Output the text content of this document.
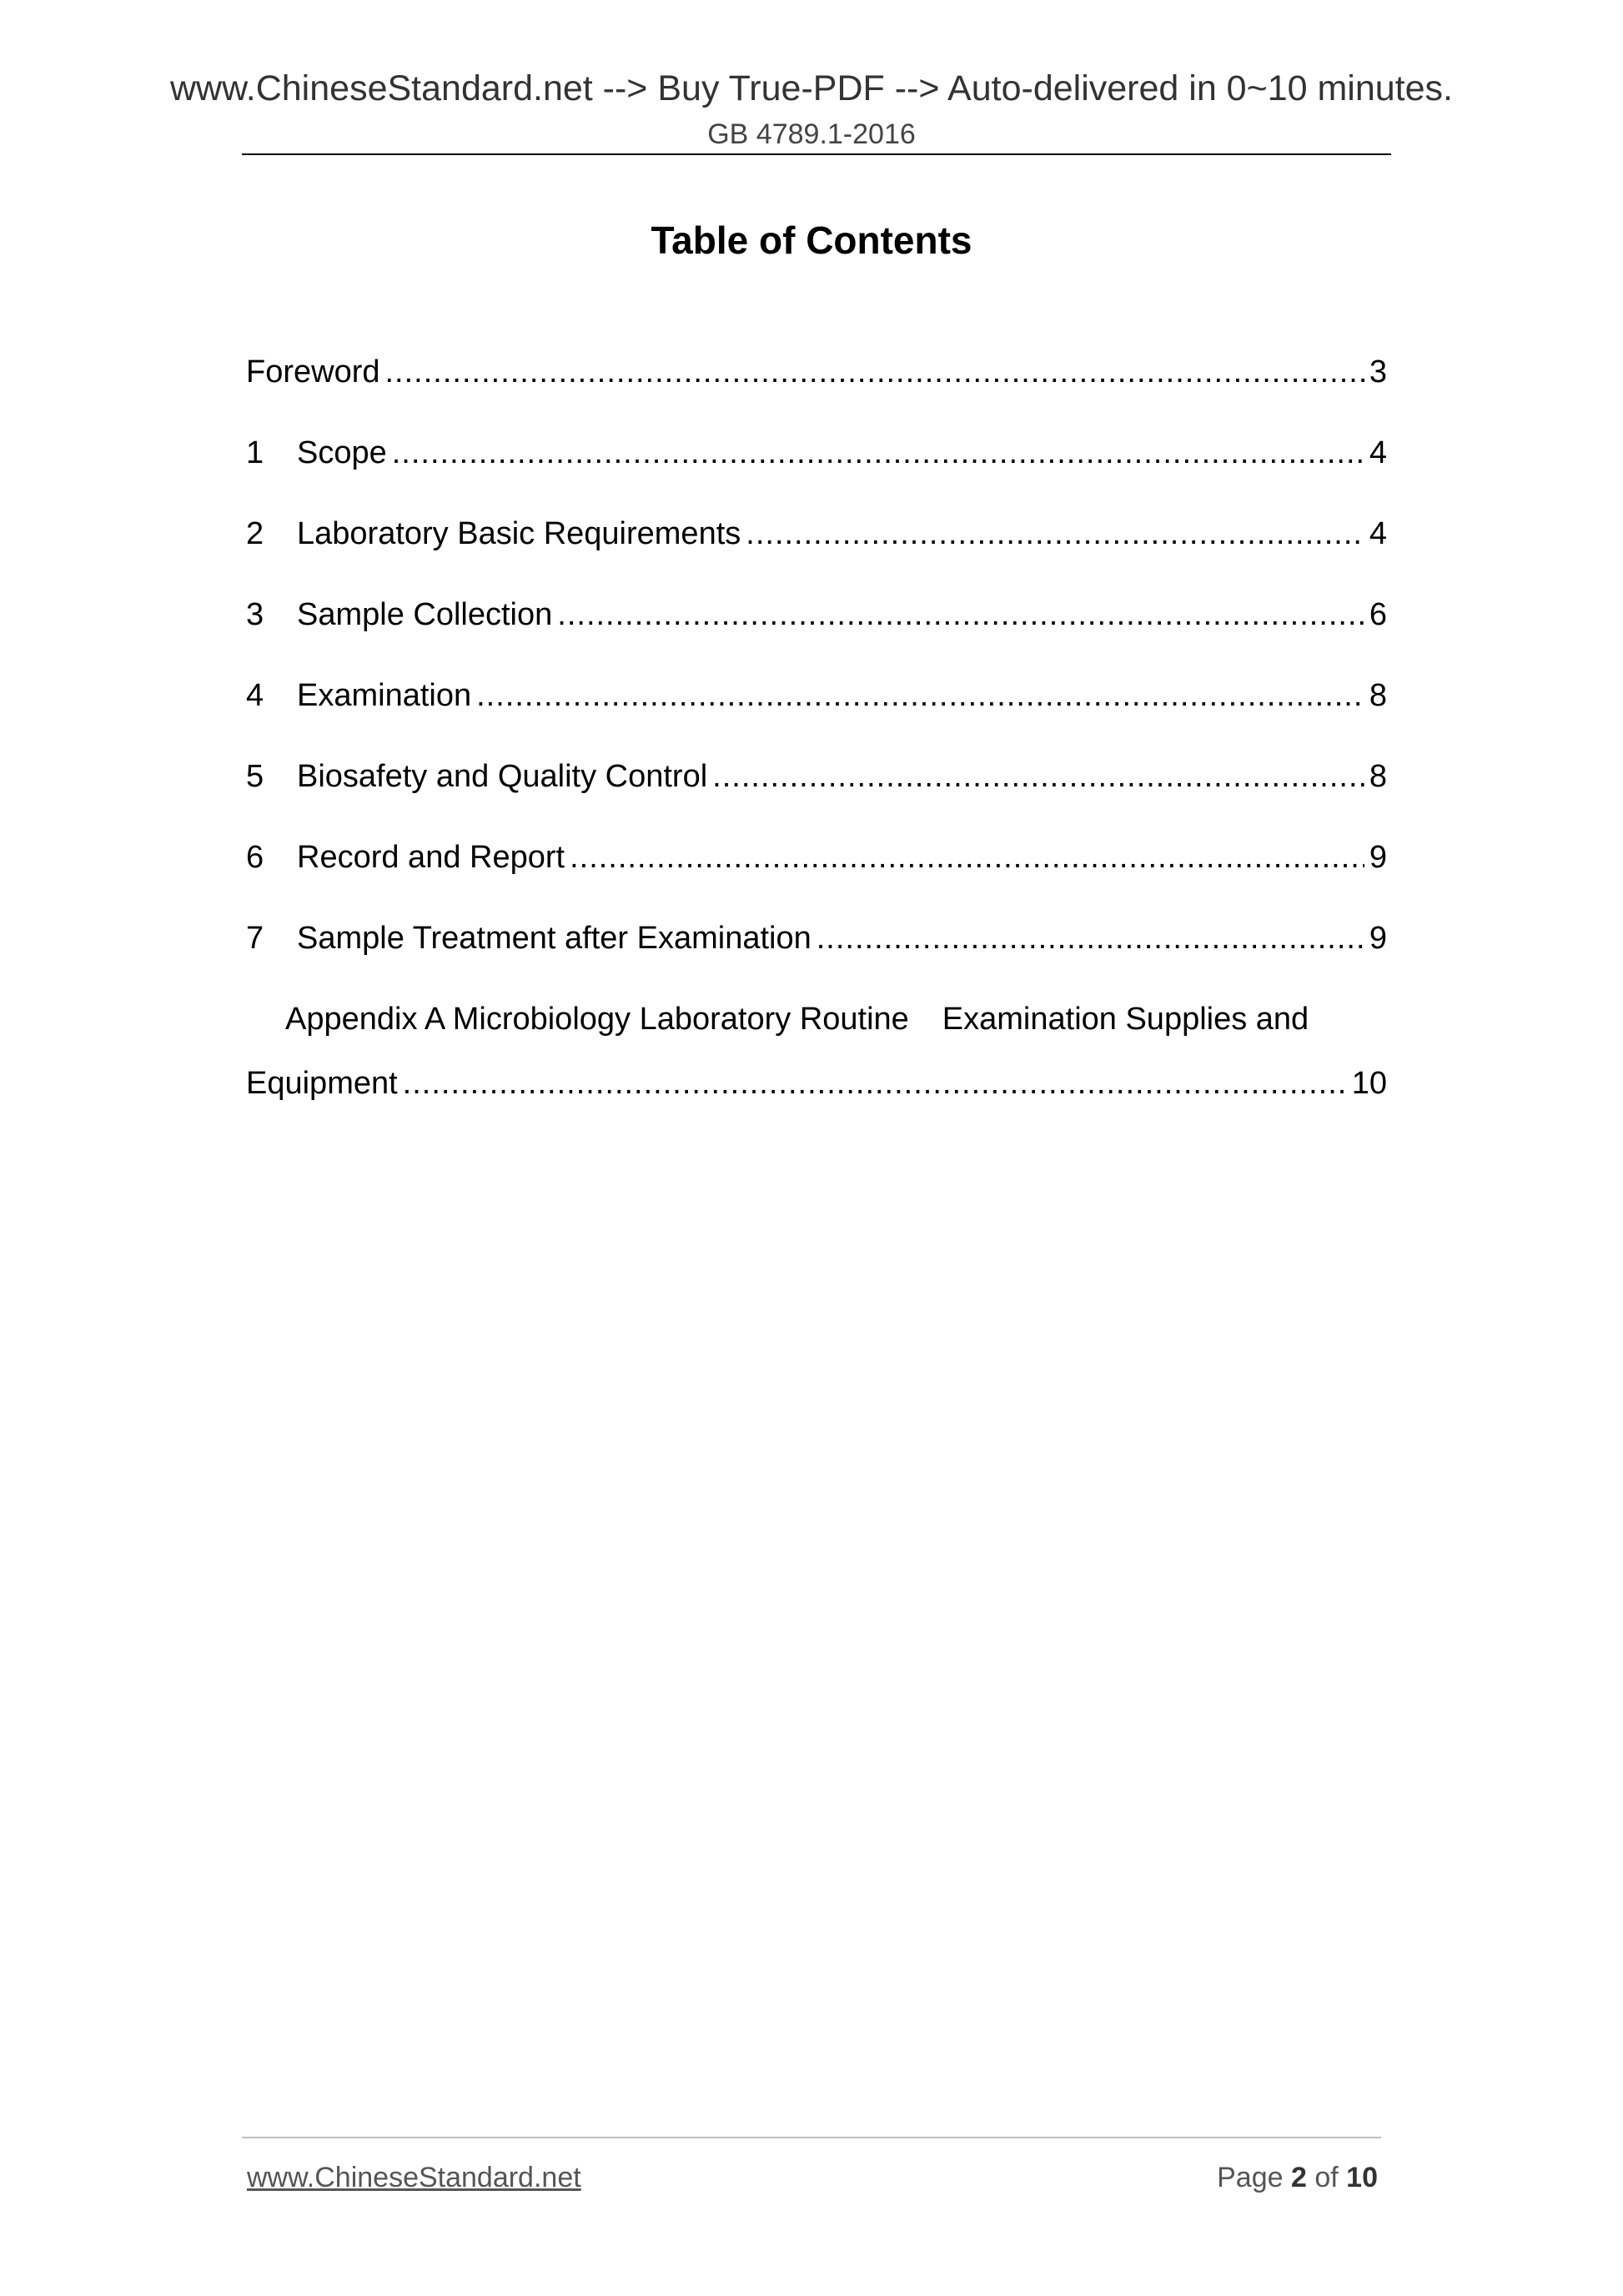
www.ChineseStandard.net --> Buy True-PDF --> Auto-delivered in 0~10 minutes.
GB 4789.1-2016
Table of Contents
Foreword .....	3
1	Scope .....	4
2	Laboratory Basic Requirements .....	4
3	Sample Collection .....	6
4	Examination .....	8
5	Biosafety and Quality Control .....	8
6	Record and Report .....	9
7	Sample Treatment after Examination .....	9
Appendix A Microbiology Laboratory Routine Examination Supplies and
Equipment .....	10
www.ChineseStandard.net	Page 2 of 10
